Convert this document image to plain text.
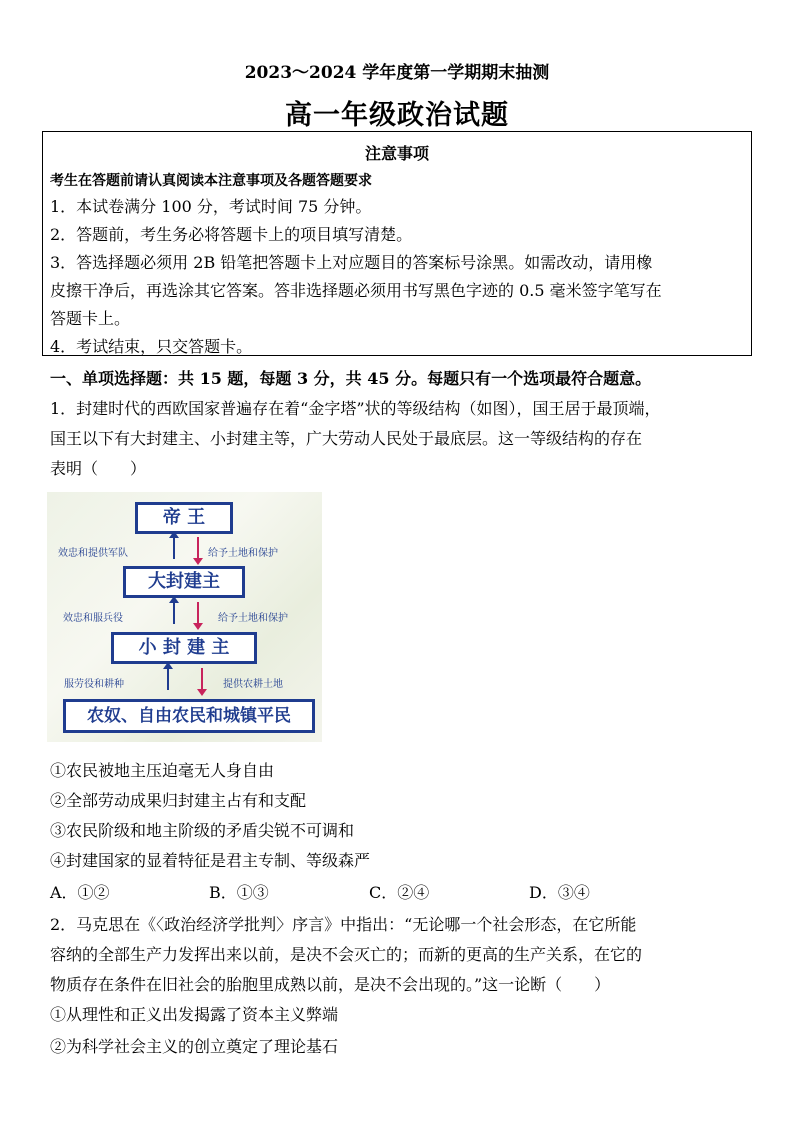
2023～2024 学年度第一学期期末抽测
高一年级政治试题
注意事项
考生在答题前请认真阅读本注意事项及各题答题要求
1．本试卷满分 100 分，考试时间 75 分钟。
2．答题前，考生务必将答题卡上的项目填写清楚。
3．答选择题必须用 2B 铅笔把答题卡上对应题目的答案标号涂黑。如需改动，请用橡
皮擦干净后，再选涂其它答案。答非选择题必须用书写黑色字迹的 0.5 毫米签字笔写在
答题卡上。
4．考试结束，只交答题卡。
一、单项选择题：共 15 题，每题 3 分，共 45 分。每题只有一个选项最符合题意。
1．封建时代的西欧国家普遍存在着“金字塔”状的等级结构（如图），国王居于最顶端，
国王以下有大封建主、小封建主等，广大劳动人民处于最底层。这一等级结构的存在
表明（　　）
帝 王
效忠和提供军队	给予土地和保护
大封建主
效忠和服兵役	给予土地和保护
小 封 建 主
服劳役和耕种	提供农耕土地
农奴、自由农民和城镇平民
①农民被地主压迫毫无人身自由
②全部劳动成果归封建主占有和支配
③农民阶级和地主阶级的矛盾尖锐不可调和
④封建国家的显着特征是君主专制、等级森严
A．①②	B．①③	C．②④	D．③④
2．马克思在《〈政治经济学批判〉序言》中指出：“无论哪一个社会形态，在它所能
容纳的全部生产力发挥出来以前，是决不会灭亡的；而新的更高的生产关系，在它的
物质存在条件在旧社会的胎胞里成熟以前，是决不会出现的。”这一论断（　　）
①从理性和正义出发揭露了资本主义弊端
②为科学社会主义的创立奠定了理论基石
